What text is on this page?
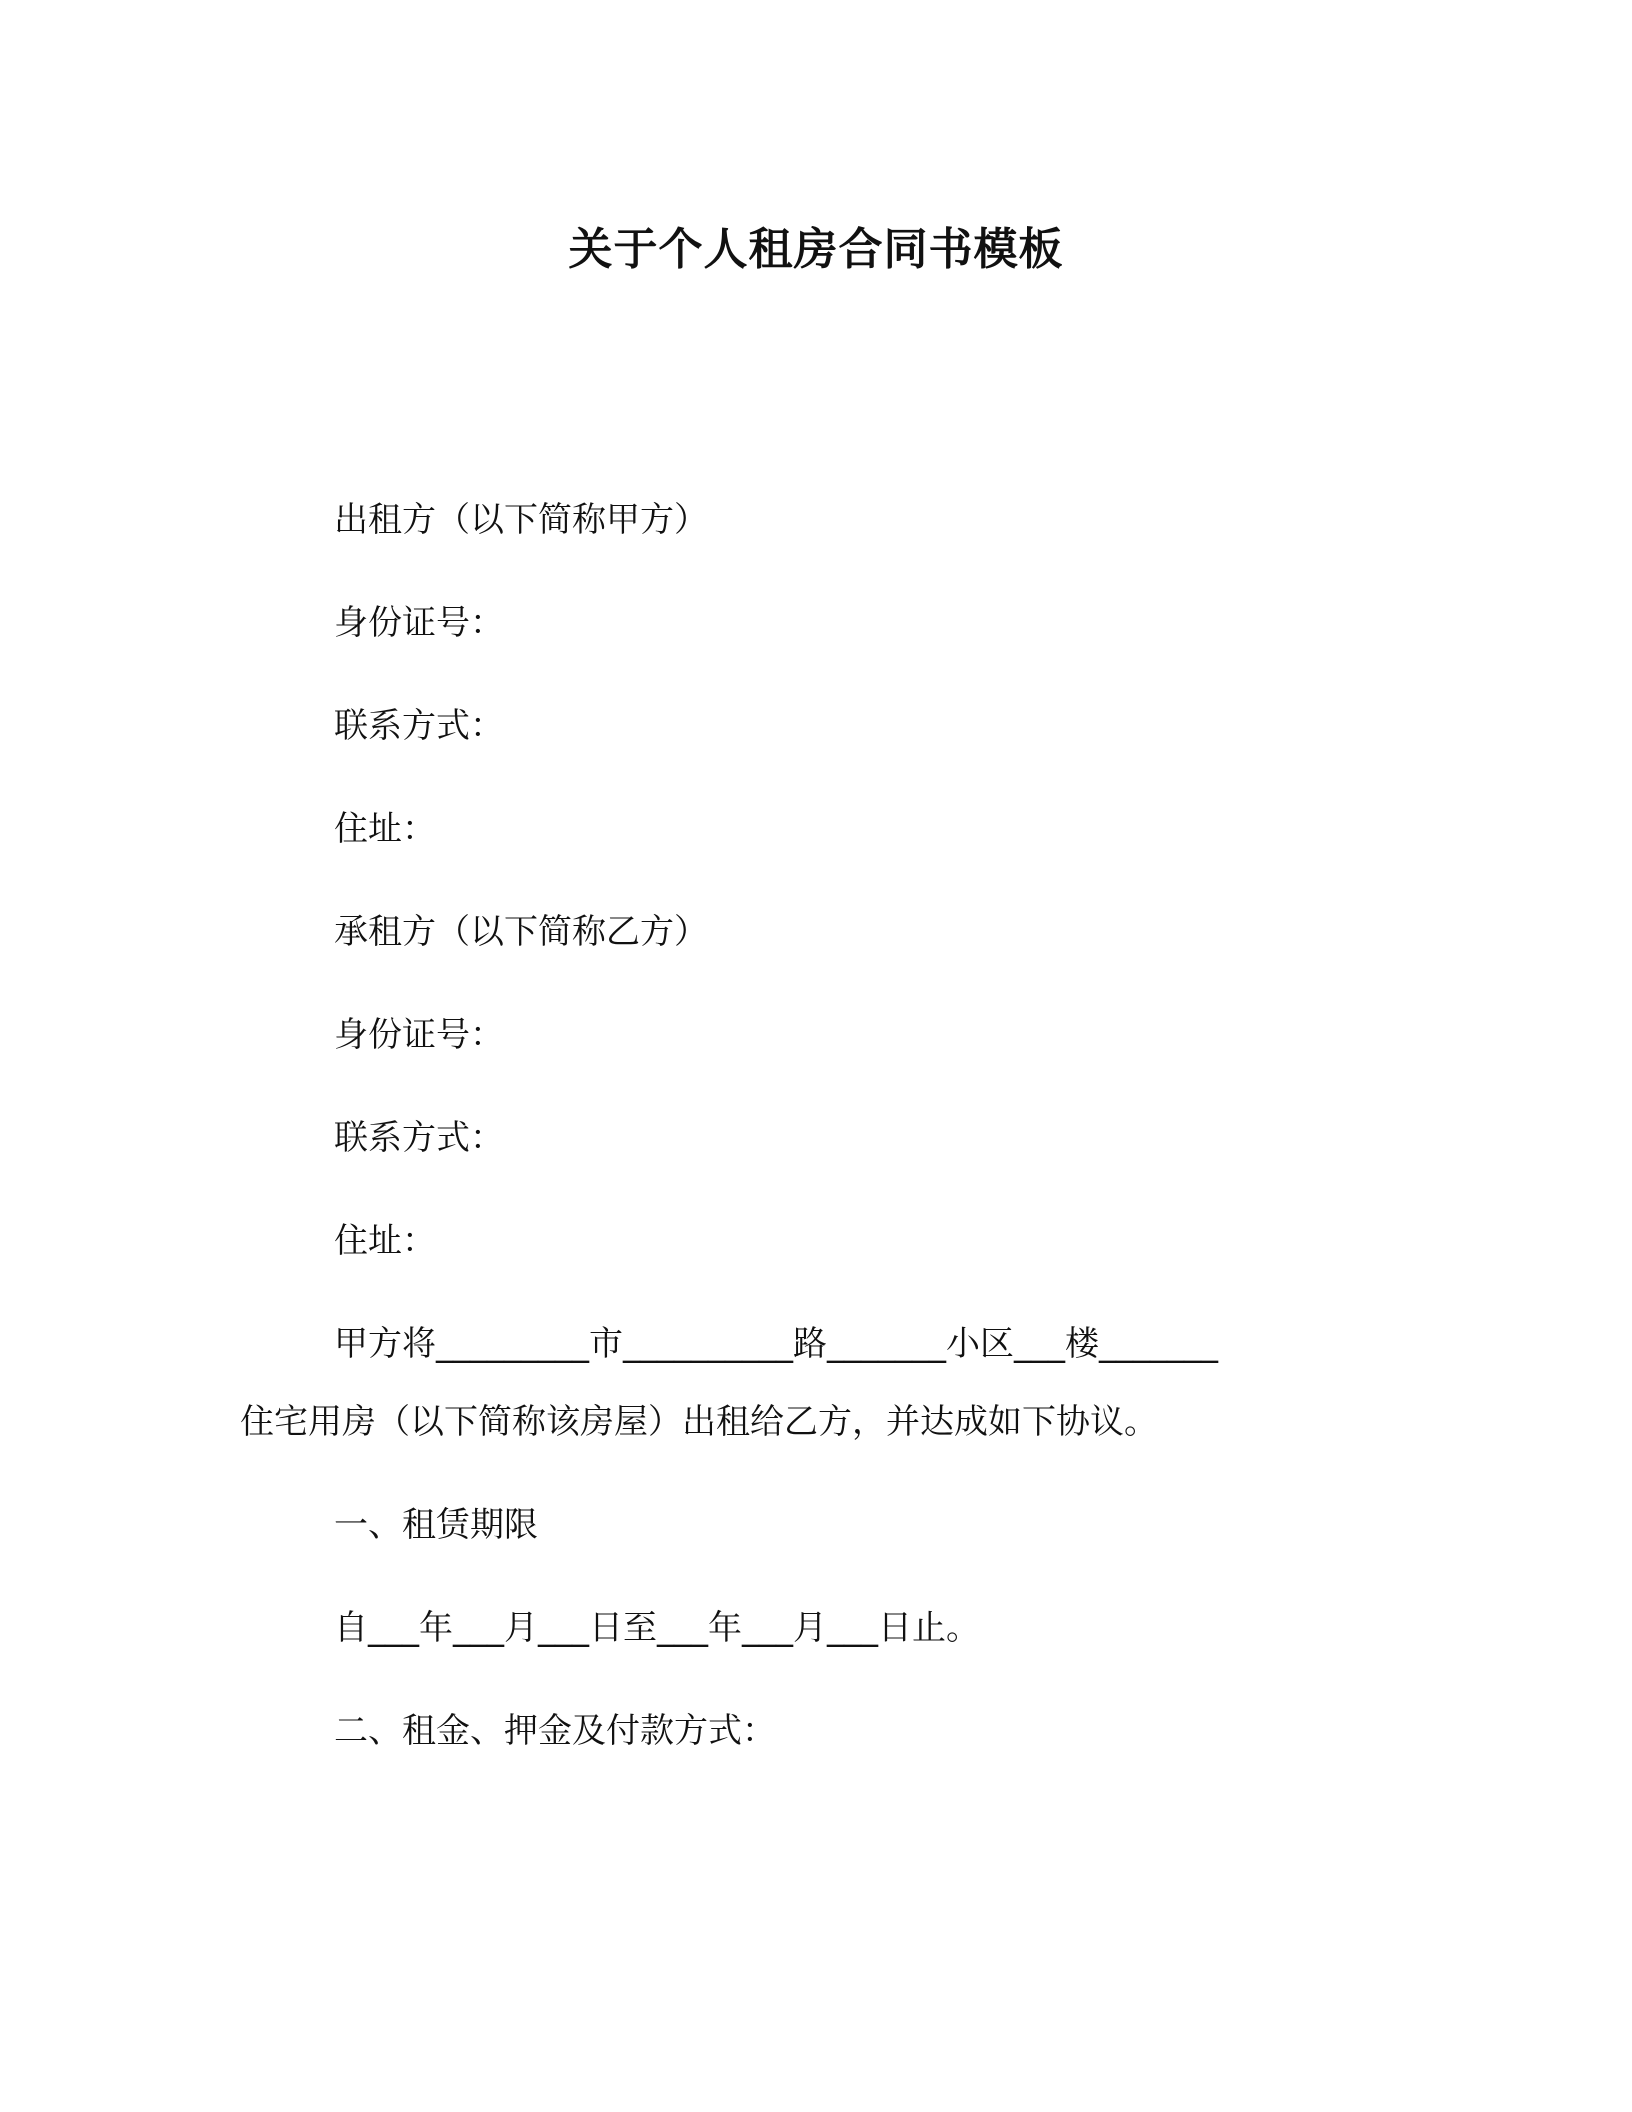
关于个人租房合同书模板
出租方（以下简称甲方）
身份证号：
联系方式：
住址：
承租方（以下简称乙方）
身份证号：
联系方式：
住址：
甲方将_________市__________路_______小区___楼_______
住宅用房（以下简称该房屋）出租给乙方，并达成如下协议。
一、租赁期限
自___年___月___日至___年___月___日止。
二、租金、押金及付款方式：
